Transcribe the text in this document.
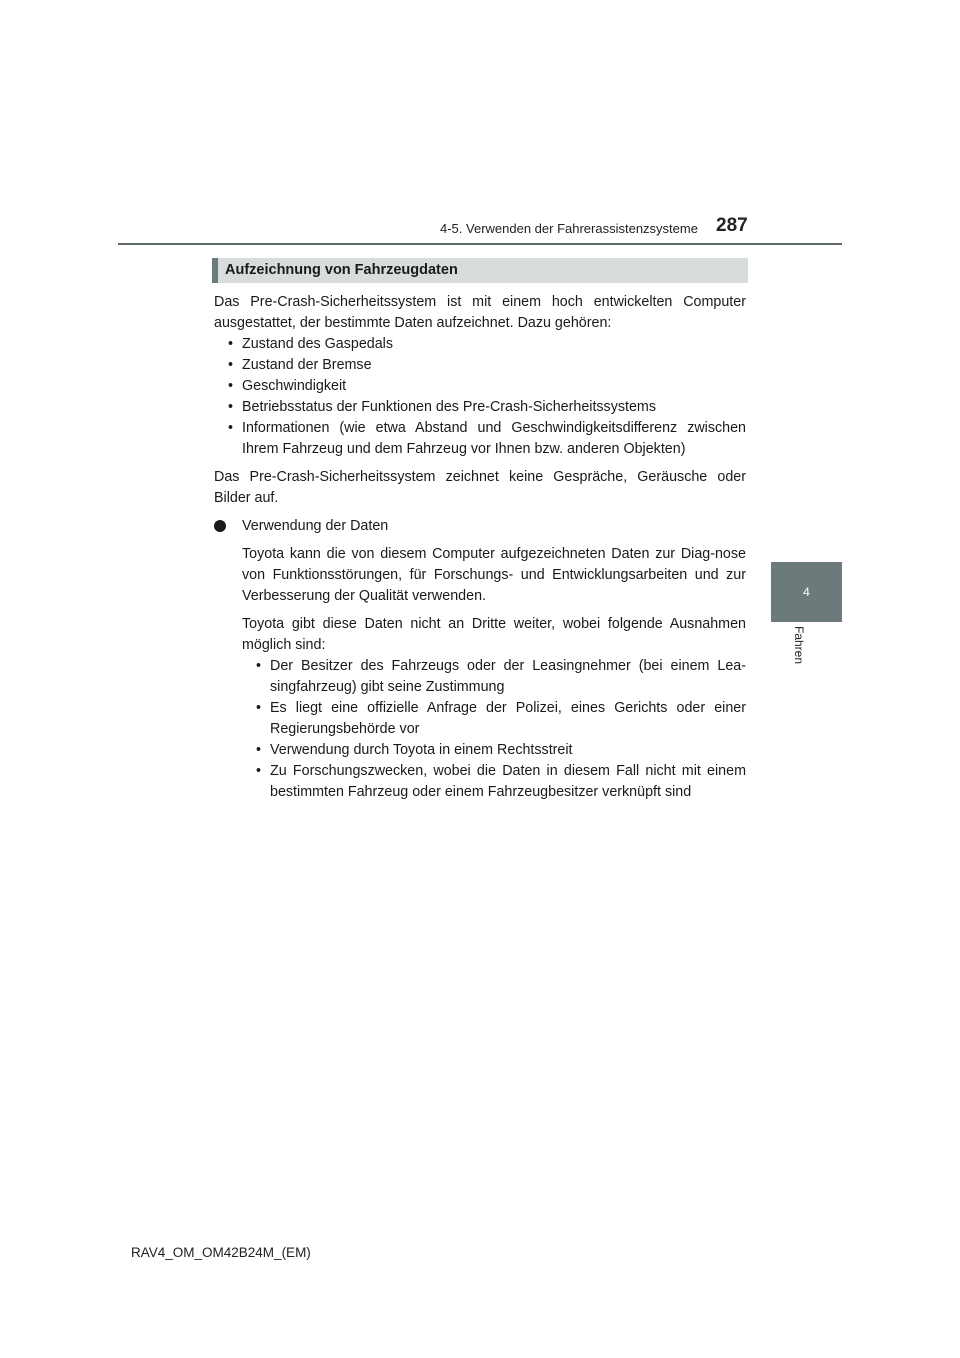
4-5. Verwenden der Fahrerassistenzsysteme 287
4
Fahren
Aufzeichnung von Fahrzeugdaten

Das Pre-Crash-Sicherheitssystem ist mit einem hoch entwickelten Computer ausgestattet, der bestimmte Daten aufzeichnet. Dazu gehören:

• Zustand des Gaspedals
• Zustand der Bremse
• Geschwindigkeit
• Betriebsstatus der Funktionen des Pre-Crash-Sicherheitssystems
• Informationen (wie etwa Abstand und Geschwindigkeitsdifferenz zwischen Ihrem Fahrzeug und dem Fahrzeug vor Ihnen bzw. anderen Objekten)

Das Pre-Crash-Sicherheitssystem zeichnet keine Gespräche, Geräusche oder Bilder auf.

Verwendung der Daten

Toyota kann die von diesem Computer aufgezeichneten Daten zur Diag-nose von Funktionsstörungen, für Forschungs- und Entwicklungsarbeiten und zur Verbesserung der Qualität verwenden.

Toyota gibt diese Daten nicht an Dritte weiter, wobei folgende Ausnahmen möglich sind:

• Der Besitzer des Fahrzeugs oder der Leasingnehmer (bei einem Lea-singfahrzeug) gibt seine Zustimmung
• Es liegt eine offizielle Anfrage der Polizei, eines Gerichts oder einer Regierungsbehörde vor
• Verwendung durch Toyota in einem Rechtsstreit
• Zu Forschungszwecken, wobei die Daten in diesem Fall nicht mit einem bestimmten Fahrzeug oder einem Fahrzeugbesitzer verknüpft sind
RAV4_OM_OM42B24M_(EM)
